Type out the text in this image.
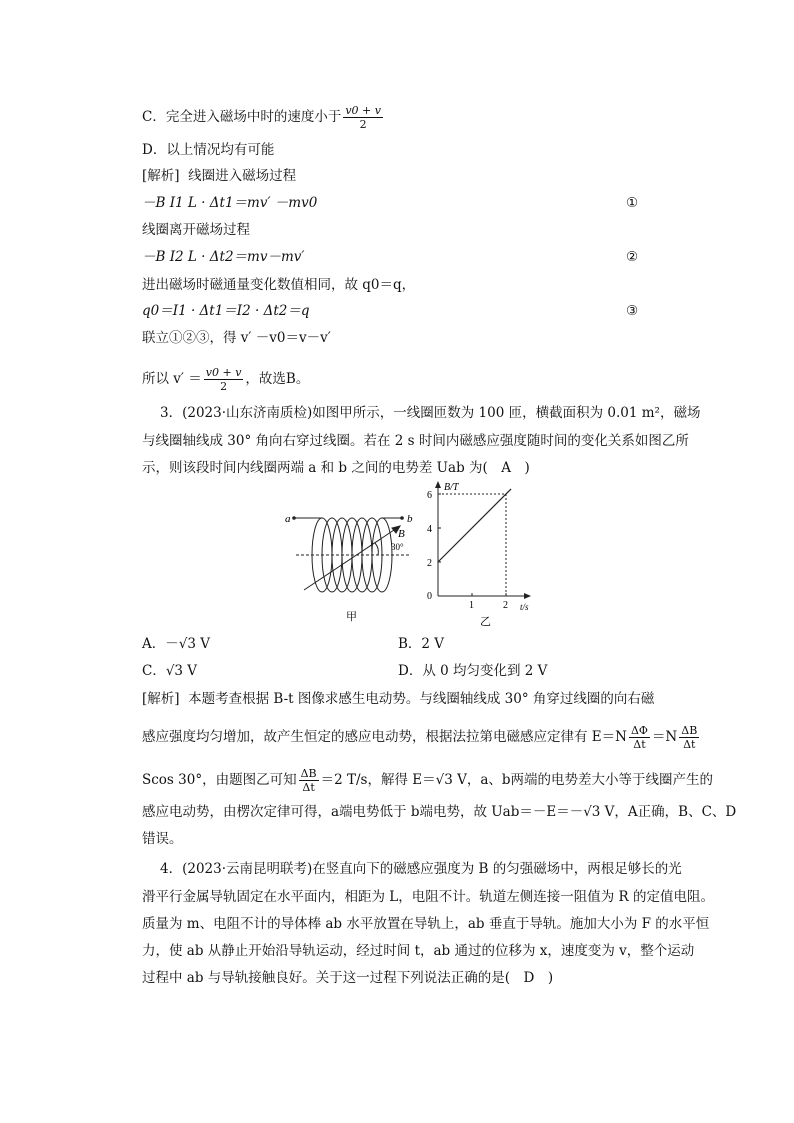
C．完全进入磁场中时的速度小于 $\frac{v0 + v}{2}$
D．以上情况均有可能
[解析] 线圈进入磁场过程
－B I1 L · Δt1＝mv′ －mv0	①
线圈离开磁场过程
－B I2 L · Δt2＝mv－mv′	②
进出磁场时磁通量变化数值相同，故 q0＝q，
q0＝I1 · Δt1＝I2 · Δt2＝q	③
联立①②③，得 v′ －v0＝v－v′
所以 $v' = \frac{v0 + v}{2}$ ，故选B。
3．(2023·山东济南质检)如图甲所示，一线圈匝数为 100 匝，横截面积为 0.01 m²，磁场
与线圈轴线成 30° 角向右穿过线圈。若在 2 s 时间内磁感应强度随时间的变化关系如图乙所
示，则该段时间内线圈两端 a 和 b 之间的电势差 Uab 为(　A　)
a	b
B
30°
甲
2
4
6
1	2
B/T
t/s
0
乙
A．－√3 V	B．2 V
C．√3 V	D．从 0 均匀变化到 2 V
[解析] 本题考查根据 B-t 图像求感生电动势。与线圈轴线成 30° 角穿过线圈的向右磁
感应强度均匀增加，故产生恒定的感应电动势，根据法拉第电磁感应定律有 $E=N \frac{\Delta\Phi}{\Delta t} =N \frac{\Delta B}{\Delta t}$
Scos 30°，由题图乙可知 $\frac{\Delta B}{\Delta t} =2$ T/s，解得 E＝√3 V，a、b两端的电势差大小等于线圈产生的
感应电动势，由楞次定律可得，a端电势低于 b端电势，故 Uab＝－E＝－√3 V，A正确，B、C、D
错误。
4．(2023·云南昆明联考)在竖直向下的磁感应强度为 B 的匀强磁场中，两根足够长的光
滑平行金属导轨固定在水平面内，相距为 L，电阻不计。轨道左侧连接一阻值为 R 的定值电阻。
质量为 m、电阻不计的导体棒 ab 水平放置在导轨上，ab 垂直于导轨。施加大小为 F 的水平恒
力，使 ab 从静止开始沿导轨运动，经过时间 t，ab 通过的位移为 x，速度变为 v，整个运动
过程中 ab 与导轨接触良好。关于这一过程下列说法正确的是(　D　)
